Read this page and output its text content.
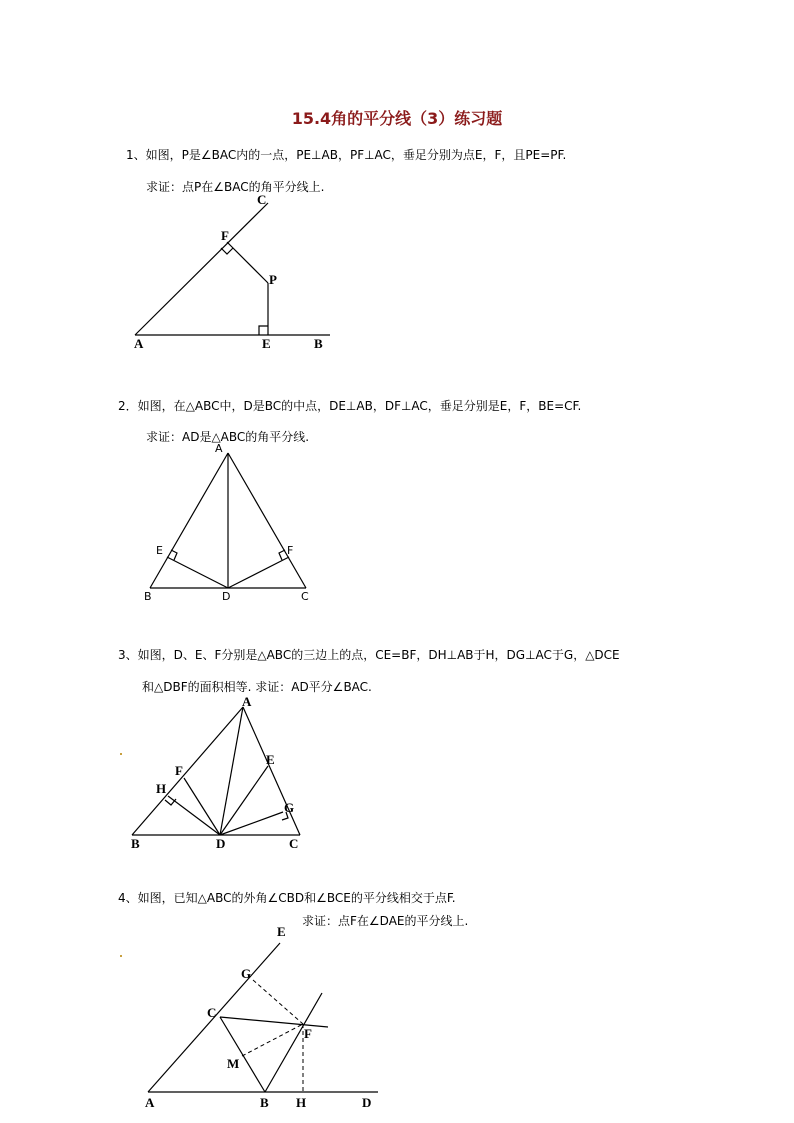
15.4角的平分线（3）练习题
1、如图，P是∠BAC内的一点，PE⊥AB，PF⊥AC，垂足分别为点E，F，且PE=PF.
求证：点P在∠BAC的角平分线上.
A	B
C
E
F
P
2．如图，在△ABC中，D是BC的中点，DE⊥AB，DF⊥AC，垂足分别是E，F，BE=CF.
求证：AD是△ABC的角平分线.
A
B	C
D
E	F
3、如图，D、E、F分别是△ABC的三边上的点，CE=BF，DH⊥AB于H，DG⊥AC于G，△DCE
和△DBF的面积相等. 求证：AD平分∠BAC.
A
B	C
D
E
F
G
H
4、如图，已知△ABC的外角∠CBD和∠BCE的平分线相交于点F.
求证：点F在∠DAE的平分线上.
A	B
C
D
E
F
G
H
M
